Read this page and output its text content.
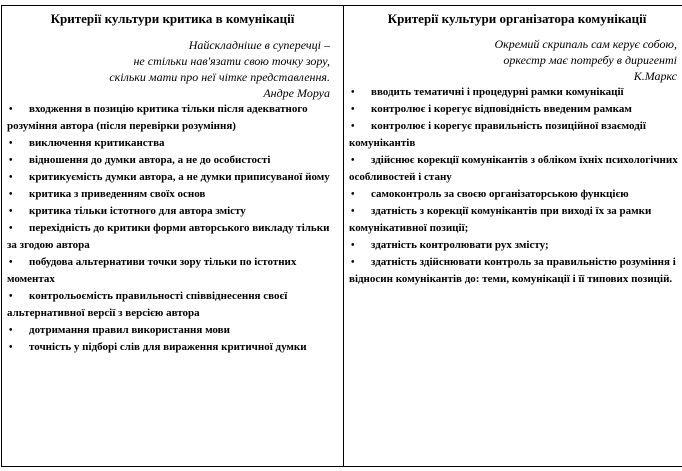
Критерії культури критика в комунікації
Найскладніше в суперечці –
не стільки нав'язати свою точку зору,
скільки мати про неї чітке представлення.
Андре Моруа
• входження в позицію критика тільки після адекватного розуміння автора (після перевірки розуміння)
• виключення критиканства
• відношення до думки автора, а не до особистості
• критикуємість думки автора, а не думки приписуваної йому
• критика з приведенням своїх основ
• критика тільки істотного для автора змісту
• перехідність до критики форми авторського викладу тільки за згодою автора
• побудова альтернативи точки зору тільки по істотних моментах
• контрольоємість правильності співвіднесення своєї альтернативної версії з версією автора
• дотримання правил використання мови
• точність у підборі слів для вираження критичної думки

Критерії культури організатора комунікації
Окремий скрипаль сам керує собою,
оркестр має потребу в диригенті
К.Маркс
• вводить тематичні і процедурні рамки комунікації
• контролює і корегує відповідність введеним рамкам
• контролює і корегує правильність позиційної взаємодії комунікантів
• здійснює корекції комунікантів з обліком їхніх психологічних особливостей і стану
• самоконтроль за своєю організаторською функцією
• здатність з корекції комунікантів при виході їх за рамки комунікативної позиції;
• здатність контролювати рух змісту;
• здатність здійснювати контроль за правильністю розуміння і відносин комунікантів до: теми, комунікації і її типових позицій.
